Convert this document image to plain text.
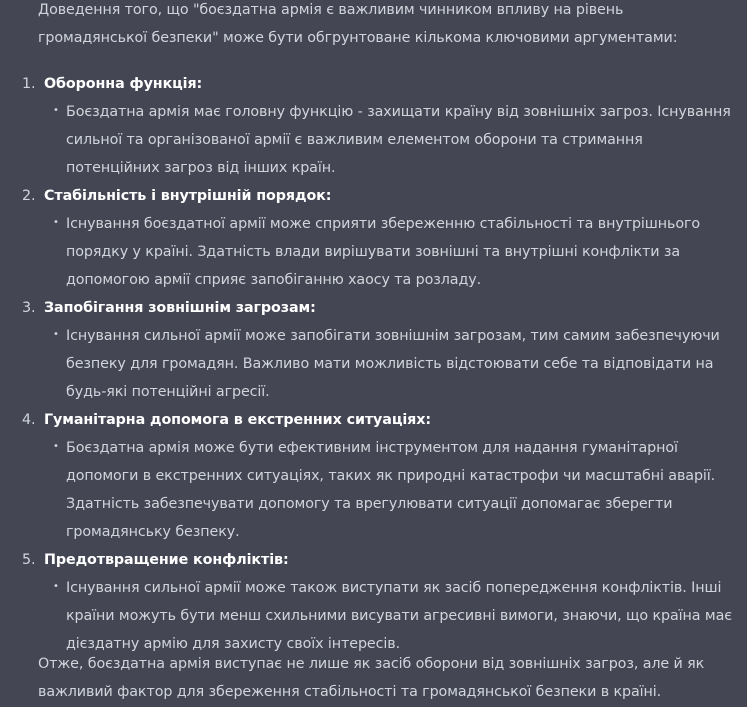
Доведення того, що "боєздатна армія є важливим чинником впливу на рівень громадянської безпеки" може бути обгрунтоване кількома ключовими аргументами:

1. Оборонна функція:
• Боєздатна армія має головну функцію - захищати країну від зовнішніх загроз. Існування сильної та організованої армії є важливим елементом оборони та стримання потенційних загроз від інших країн.
2. Стабільність і внутрішній порядок:
• Існування боєздатної армії може сприяти збереженню стабільності та внутрішнього порядку у країні. Здатність влади вирішувати зовнішні та внутрішні конфлікти за допомогою армії сприяє запобіганню хаосу та розладу.
3. Запобігання зовнішнім загрозам:
• Існування сильної армії може запобігати зовнішнім загрозам, тим самим забезпечуючи безпеку для громадян. Важливо мати можливість відстоювати себе та відповідати на будь-які потенційні агресії.
4. Гуманітарна допомога в екстренних ситуаціях:
• Боєздатна армія може бути ефективним інструментом для надання гуманітарної допомоги в екстренних ситуаціях, таких як природні катастрофи чи масштабні аварії. Здатність забезпечувати допомогу та врегулювати ситуації допомагає зберегти громадянську безпеку.
5. Предотвращение конфліктів:
• Існування сильної армії може також виступати як засіб попередження конфліктів. Інші країни можуть бути менш схильними висувати агресивні вимоги, знаючи, що країна має дієздатну армію для захисту своїх інтересів.

Отже, боєздатна армія виступає не лише як засіб оборони від зовнішніх загроз, але й як важливий фактор для збереження стабільності та громадянської безпеки в країні.
